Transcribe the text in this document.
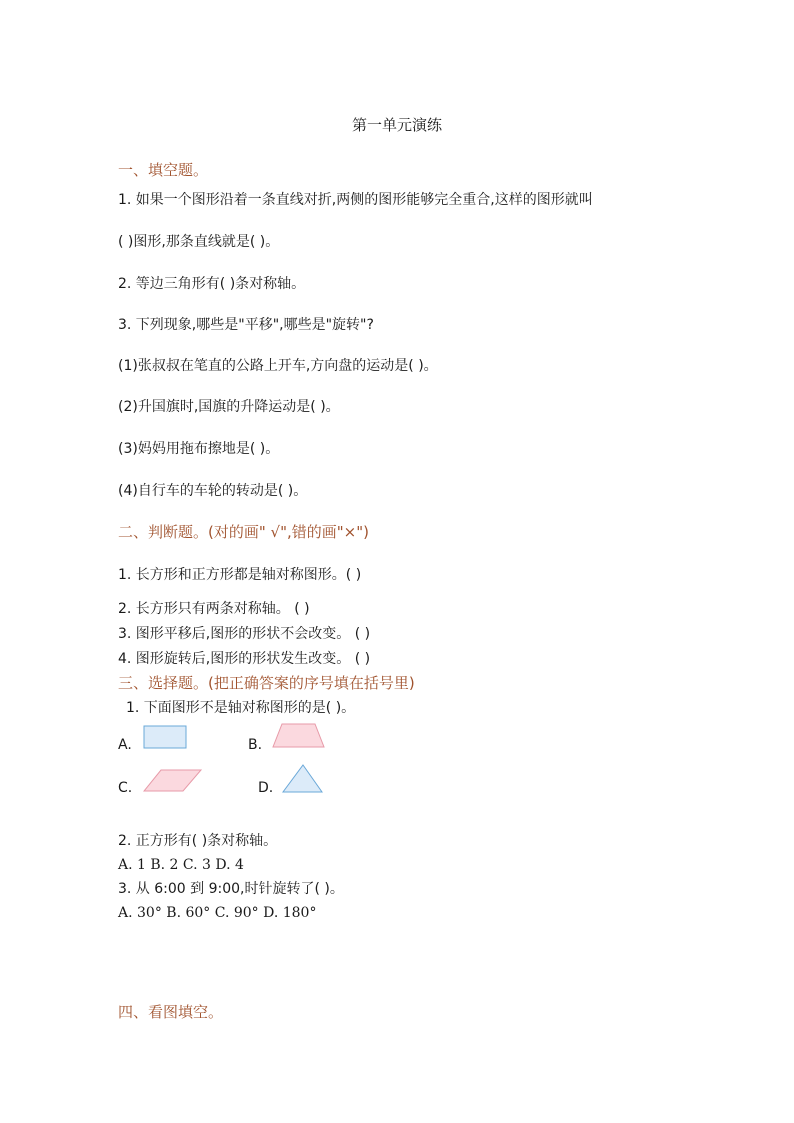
第一单元演练
一、填空题。
1. 如果一个图形沿着一条直线对折,两侧的图形能够完全重合,这样的图形就叫
( )图形,那条直线就是( )。
2. 等边三角形有( )条对称轴。
3. 下列现象,哪些是"平移",哪些是"旋转"?
(1)张叔叔在笔直的公路上开车,方向盘的运动是( )。
(2)升国旗时,国旗的升降运动是( )。
(3)妈妈用拖布擦地是( )。
(4)自行车的车轮的转动是( )。
二、判断题。(对的画" √",错的画"×")
1. 长方形和正方形都是轴对称图形。( )
2. 长方形只有两条对称轴。 ( )
3. 图形平移后,图形的形状不会改变。 ( )
4. 图形旋转后,图形的形状发生改变。 ( )
三、选择题。(把正确答案的序号填在括号里)
1. 下面图形不是轴对称图形的是( )。
A.	B.
C.	D.
2. 正方形有( )条对称轴。
A. 1 B. 2 C. 3 D. 4
3. 从 6:00 到 9:00,时针旋转了( )。
A. 30° B. 60° C. 90° D. 180°
四、看图填空。
